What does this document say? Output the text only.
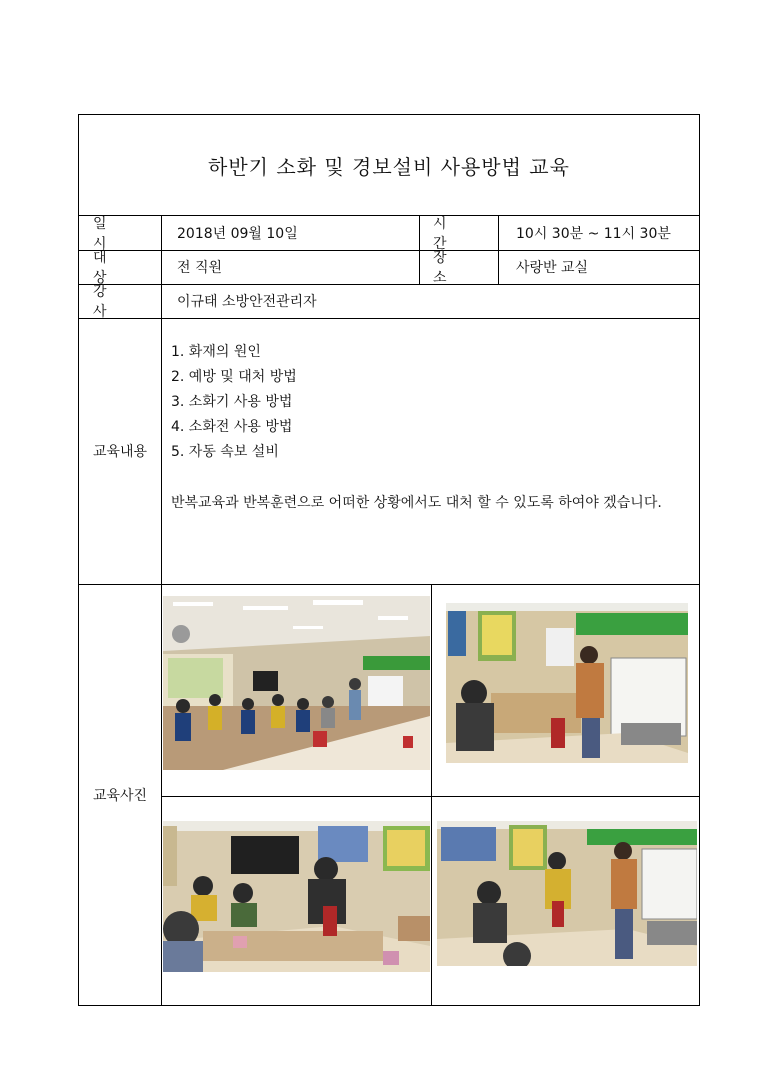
하반기 소화 및 경보설비 사용방법 교육
일 시
2018년 09월 10일
시 간
10시 30분 ~ 11시 30분
대 상
전 직원
장 소
사랑반 교실
강 사
이규태 소방안전관리자
교육내용
1. 화재의 원인
2. 예방 및 대처 방법
3. 소화기 사용 방법
4. 소화전 사용 방법
5. 자동 속보 설비
반복교육과 반복훈련으로 어떠한 상황에서도 대처 할 수 있도록 하여야 겠습니다.
교육사진
